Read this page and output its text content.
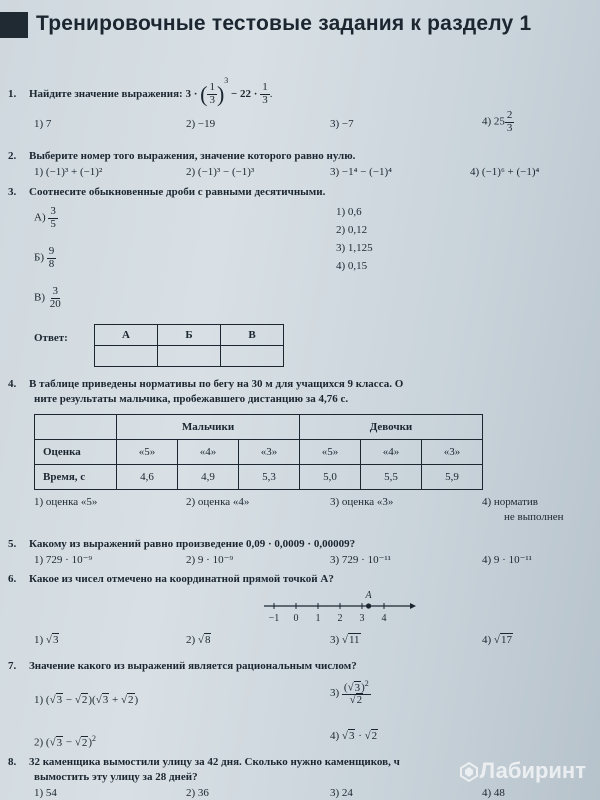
Тренировочные тестовые задания к разделу 1
1. Найдите значение выражения: 3 · ( $\frac{1}{3} )^3 - 22 \cdot \frac{1}{3}$ .
1) 7	2) −19	3) −7	4) $25 \frac{2}{3}$
2. Выберите номер того выражения, значение которого равно нулю.
1) (−1)³ + (−1)²	2) (−1)³ − (−1)³	3) −1⁴ − (−1)⁴	4) (−1)⁶ + (−1)⁴
3. Соотнесите обыкновенные дроби с равными десятичными.
$А) \frac{3}{5}$
$Б) \frac{9}{8}$
$В) \frac{3}{20}$
1) 0,6
2) 0,12
3) 1,125
4) 0,15
Ответ:	А	Б	В

4. В таблице приведены нормативы по бегу на 30 м для учащихся 9 класса. О
ните результаты мальчика, пробежавшего дистанцию за 4,76 с.
	Мальчики			Девочки		
Оценка	«5»	«4»	«3»	«5»	«4»	«3»
Время, с	4,6	4,9	5,3	5,0	5,5	5,9
1) оценка «5»	2) оценка «4»	3) оценка «3»	4) норматив
не выполнен
5. Какому из выражений равно произведение 0,09 · 0,0009 · 0,00009?
1) 729 · 10⁻⁹	2) 9 · 10⁻⁹	3) 729 · 10⁻¹¹	4) 9 · 10⁻¹¹
6. Какое из чисел отмечено на координатной прямой точкой A?
−1 0 1 2 3 4
A
1) √3	2) √8	3) √11	4) √17
7. Значение какого из выражений является рациональным числом?
1) (√3 − √2)(√3 + √2)
2) $(√3 - √2)^2$
$3) \frac{(√3)^2}{√2}$
4) √3 · √2
8. 32 каменщика вымостили улицу за 42 дня. Сколько нужно каменщиков, ч
вымостить эту улицу за 28 дней?
1) 54	2) 36	3) 24	4) 48
Лабиринт
